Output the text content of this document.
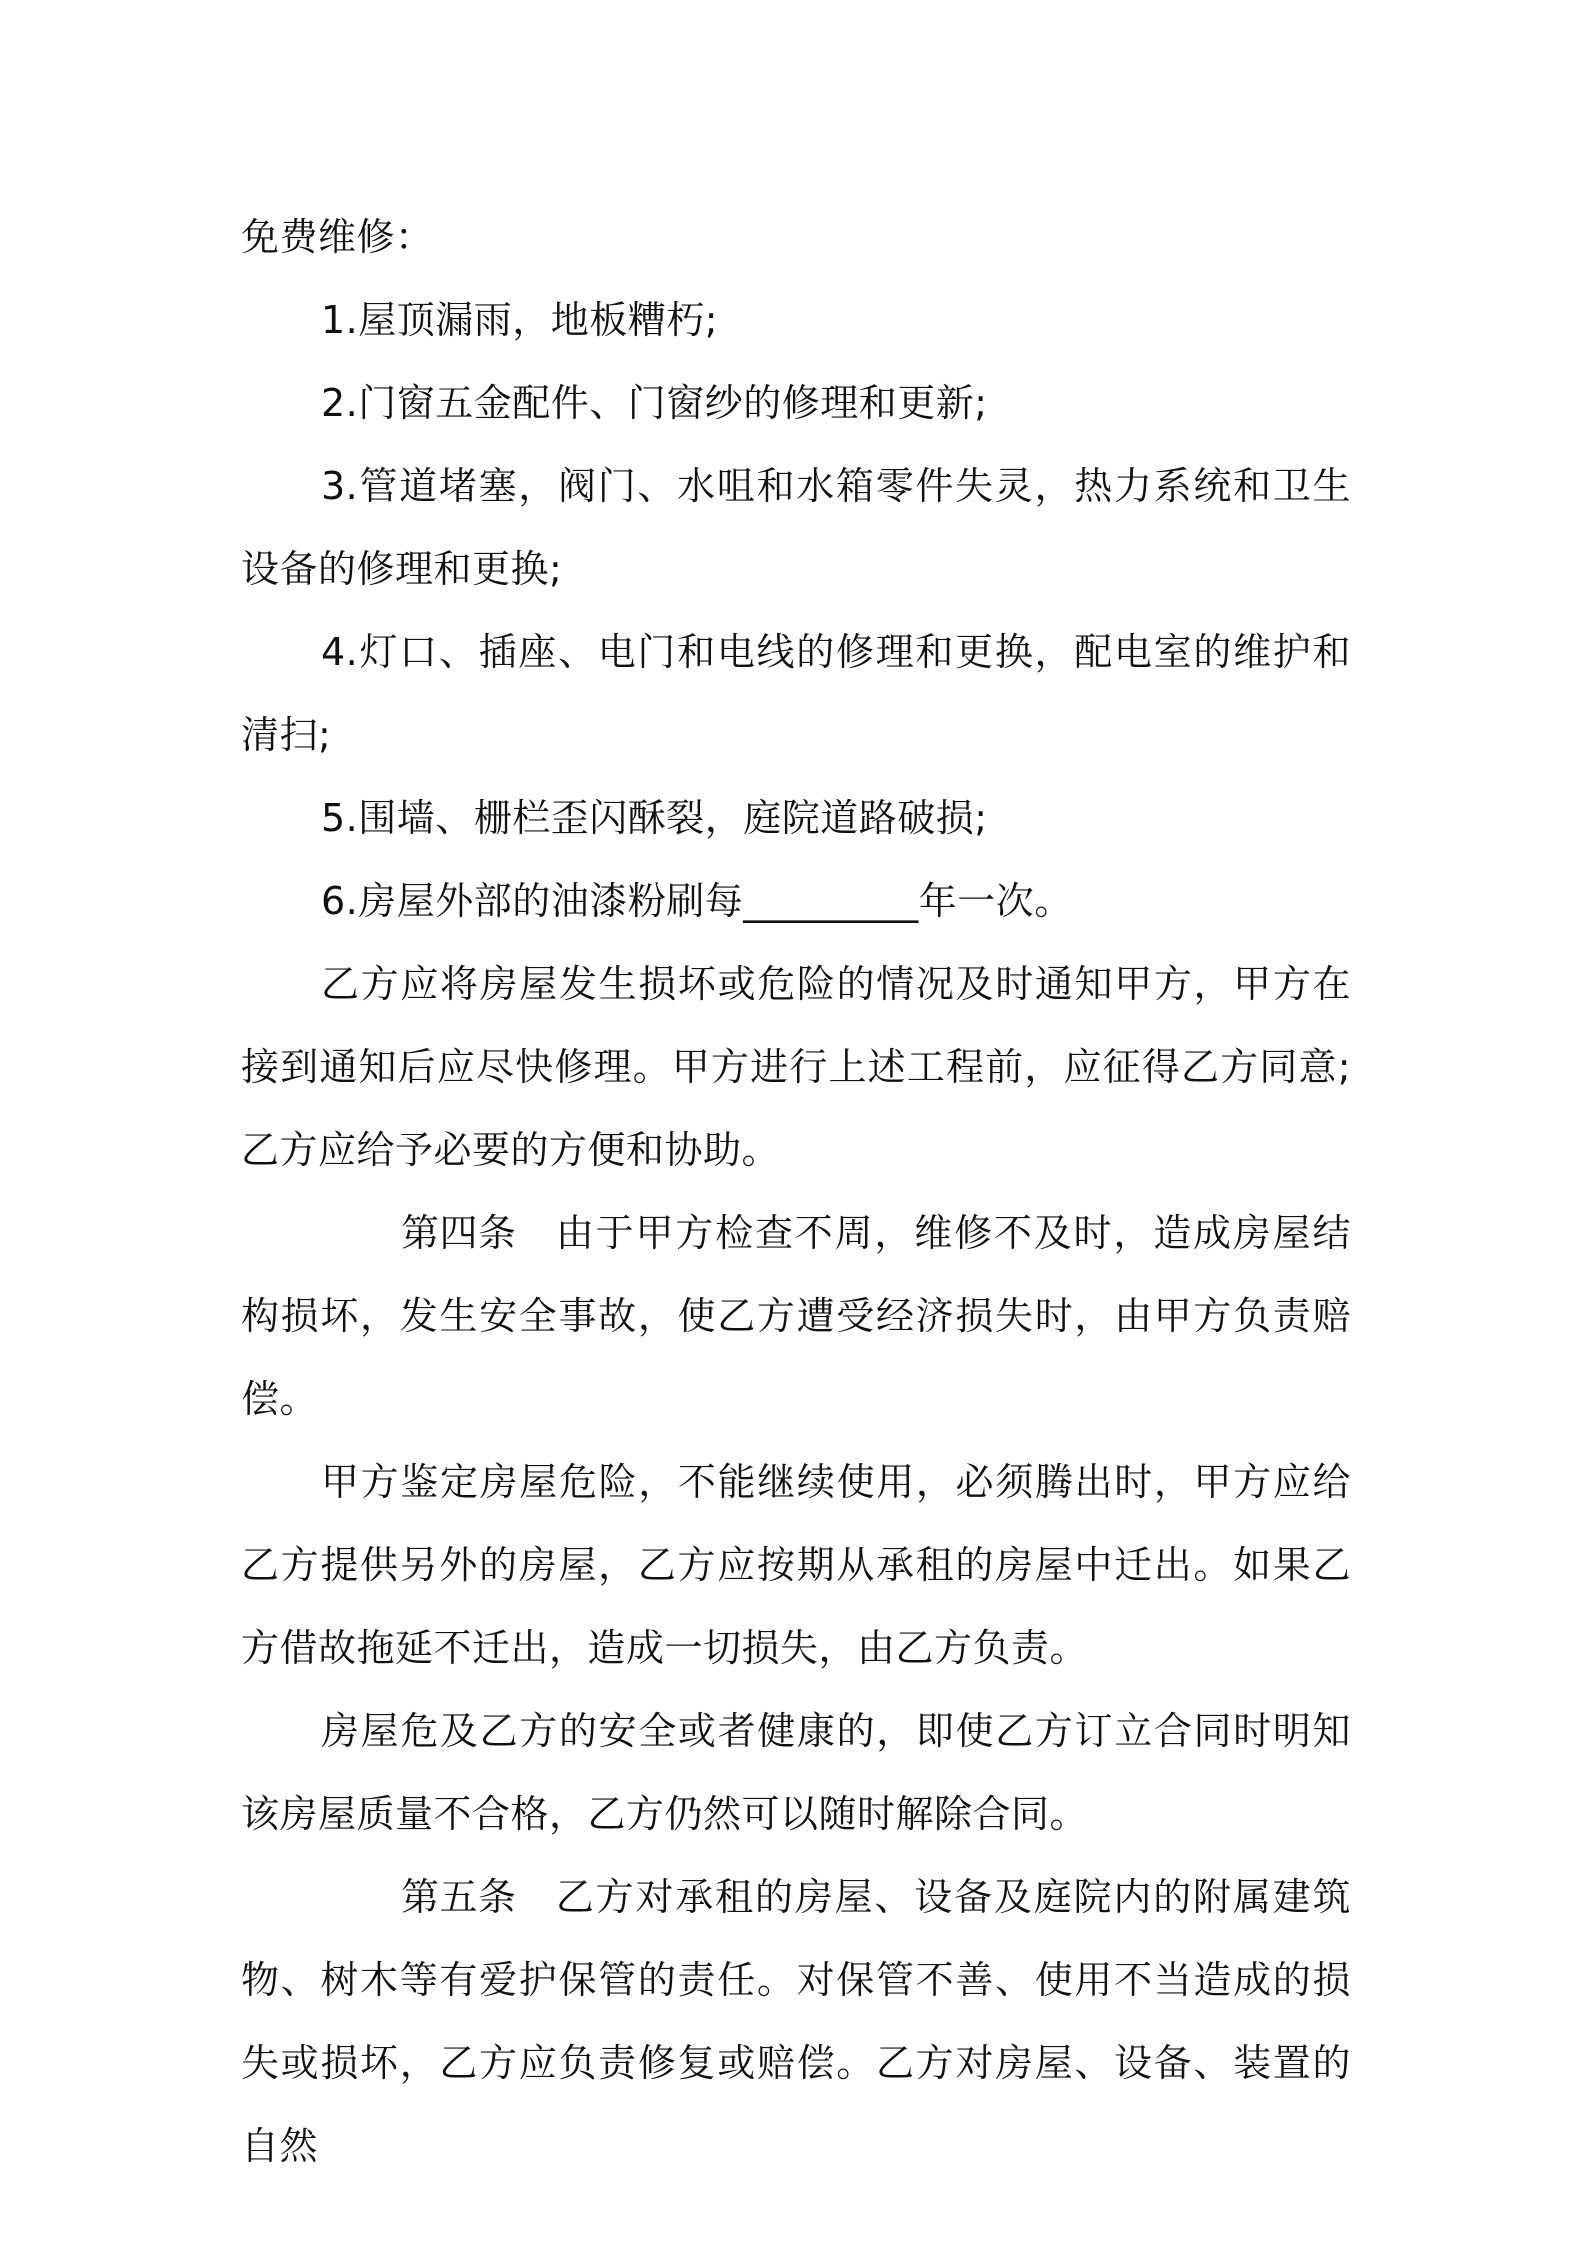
免费维修：

1.屋顶漏雨，地板糟朽;

2.门窗五金配件、门窗纱的修理和更新;

3.管道堵塞，阀门、水咀和水箱零件失灵，热力系统和卫生设备的修理和更换;

4.灯口、插座、电门和电线的修理和更换，配电室的维护和清扫;

5.围墙、栅栏歪闪酥裂，庭院道路破损;

6.房屋外部的油漆粉刷每_________年一次。

乙方应将房屋发生损坏或危险的情况及时通知甲方，甲方在接到通知后应尽快修理。甲方进行上述工程前，应征得乙方同意;乙方应给予必要的方便和协助。

第四条 由于甲方检查不周，维修不及时，造成房屋结构损坏，发生安全事故，使乙方遭受经济损失时，由甲方负责赔偿。

甲方鉴定房屋危险，不能继续使用，必须腾出时，甲方应给乙方提供另外的房屋，乙方应按期从承租的房屋中迁出。如果乙方借故拖延不迁出，造成一切损失，由乙方负责。

房屋危及乙方的安全或者健康的，即使乙方订立合同时明知该房屋质量不合格，乙方仍然可以随时解除合同。

第五条 乙方对承租的房屋、设备及庭院内的附属建筑物、树木等有爱护保管的责任。对保管不善、使用不当造成的损失或损坏，乙方应负责修复或赔偿。乙方对房屋、设备、装置的自然
